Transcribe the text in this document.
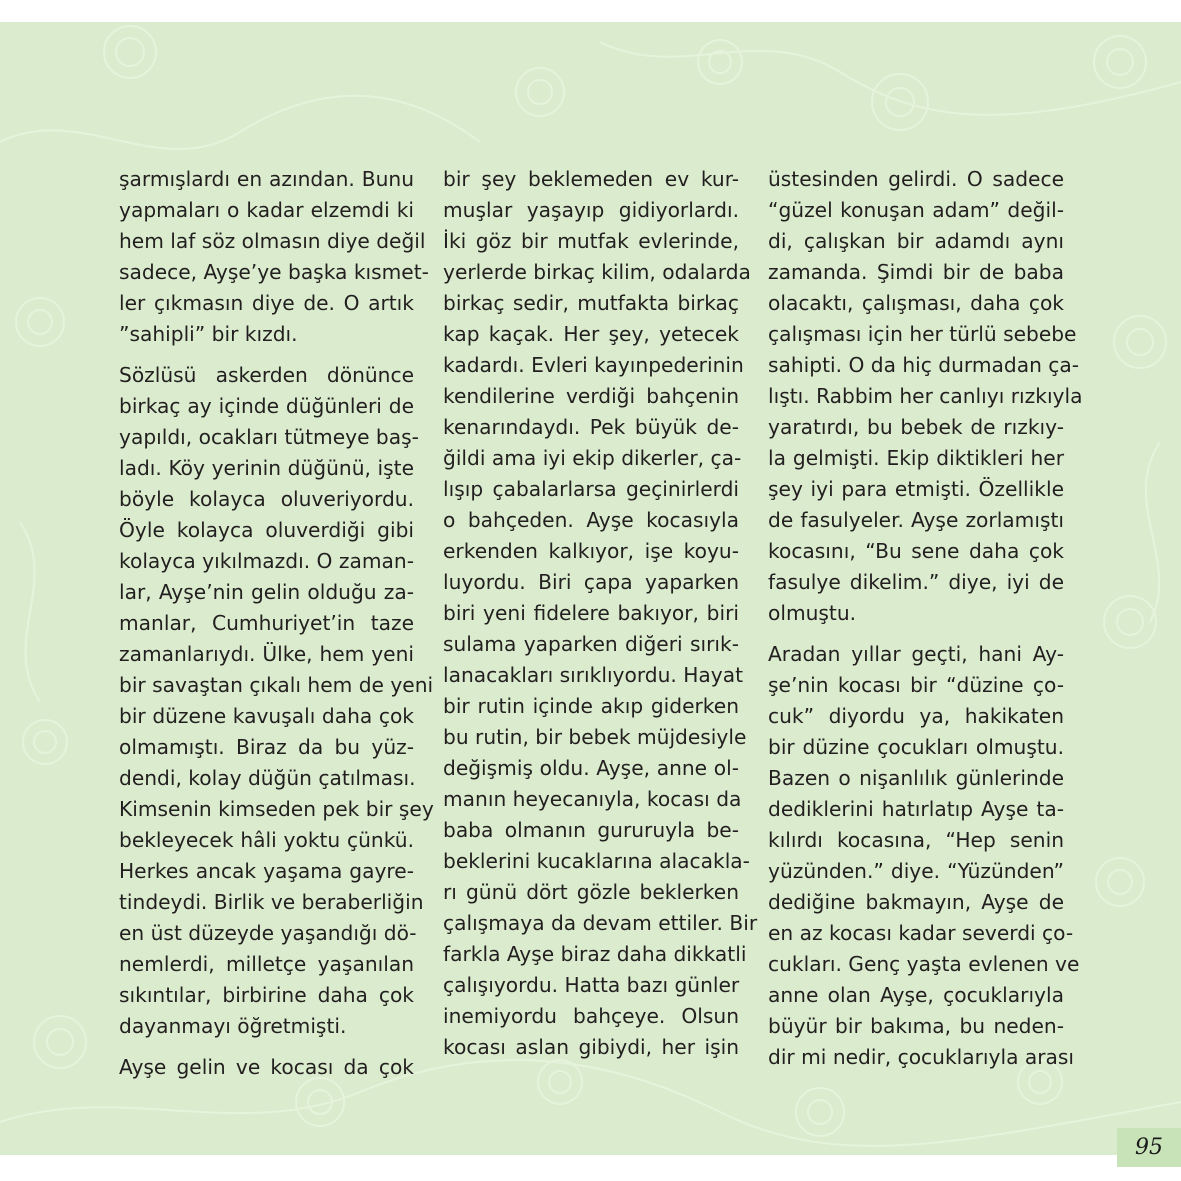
şarmışlardı en azından. Bunu
yapmaları o kadar elzemdi ki
hem laf söz olmasın diye değil
sadece, Ayşe’ye başka kısmet-
ler çıkmasın diye de. O artık
”sahipli” bir kızdı.

Sözlüsü askerden dönünce
birkaç ay içinde düğünleri de
yapıldı, ocakları tütmeye baş-
ladı. Köy yerinin düğünü, işte
böyle kolayca oluveriyordu.
Öyle kolayca oluverdiği gibi
kolayca yıkılmazdı. O zaman-
lar, Ayşe’nin gelin olduğu za-
manlar, Cumhuriyet’in taze
zamanlarıydı. Ülke, hem yeni
bir savaştan çıkalı hem de yeni
bir düzene kavuşalı daha çok
olmamıştı. Biraz da bu yüz-
dendi, kolay düğün çatılması.
Kimsenin kimseden pek bir şey
bekleyecek hâli yoktu çünkü.
Herkes ancak yaşama gayre-
tindeydi. Birlik ve beraberliğin
en üst düzeyde yaşandığı dö-
nemlerdi, milletçe yaşanılan
sıkıntılar, birbirine daha çok
dayanmayı öğretmişti.

Ayşe gelin ve kocası da çok

bir şey beklemeden ev kur-
muşlar yaşayıp gidiyorlardı.
İki göz bir mutfak evlerinde,
yerlerde birkaç kilim, odalarda
birkaç sedir, mutfakta birkaç
kap kaçak. Her şey, yetecek
kadardı. Evleri kayınpederinin
kendilerine verdiği bahçenin
kenarındaydı. Pek büyük de-
ğildi ama iyi ekip dikerler, ça-
lışıp çabalarlarsa geçinirlerdi
o bahçeden. Ayşe kocasıyla
erkenden kalkıyor, işe koyu-
luyordu. Biri çapa yaparken
biri yeni fidelere bakıyor, biri
sulama yaparken diğeri sırık-
lanacakları sırıklıyordu. Hayat
bir rutin içinde akıp giderken
bu rutin, bir bebek müjdesiyle
değişmiş oldu. Ayşe, anne ol-
manın heyecanıyla, kocası da
baba olmanın gururuyla be-
beklerini kucaklarına alacakla-
rı günü dört gözle beklerken
çalışmaya da devam ettiler. Bir
farkla Ayşe biraz daha dikkatli
çalışıyordu. Hatta bazı günler
inemiyordu bahçeye. Olsun
kocası aslan gibiydi, her işin

üstesinden gelirdi. O sadece
“güzel konuşan adam” değil-
di, çalışkan bir adamdı aynı
zamanda. Şimdi bir de baba
olacaktı, çalışması, daha çok
çalışması için her türlü sebebe
sahipti. O da hiç durmadan ça-
lıştı. Rabbim her canlıyı rızkıyla
yaratırdı, bu bebek de rızkıy-
la gelmişti. Ekip diktikleri her
şey iyi para etmişti. Özellikle
de fasulyeler. Ayşe zorlamıştı
kocasını, “Bu sene daha çok
fasulye dikelim.” diye, iyi de
olmuştu.

Aradan yıllar geçti, hani Ay-
şe’nin kocası bir “düzine ço-
cuk” diyordu ya, hakikaten
bir düzine çocukları olmuştu.
Bazen o nişanlılık günlerinde
dediklerini hatırlatıp Ayşe ta-
kılırdı kocasına, “Hep senin
yüzünden.” diye. “Yüzünden”
dediğine bakmayın, Ayşe de
en az kocası kadar severdi ço-
cukları. Genç yaşta evlenen ve
anne olan Ayşe, çocuklarıyla
büyür bir bakıma, bu neden-
dir mi nedir, çocuklarıyla arası

95
